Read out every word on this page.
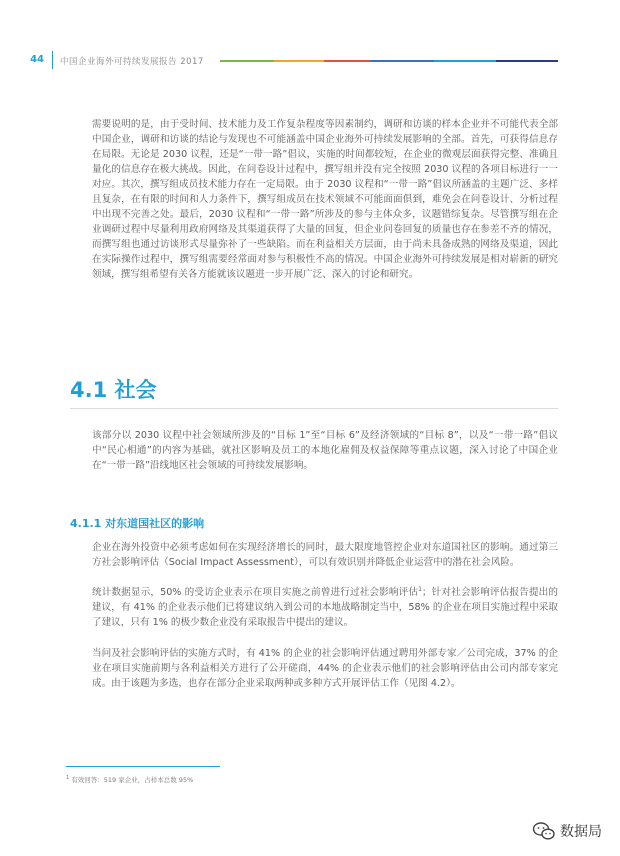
44 中国企业海外可持续发展报告 2017

需要说明的是，由于受时间、技术能力及工作复杂程度等因素制约，调研和访谈的样本企业并不可能代表全部中国企业，调研和访谈的结论与发现也不可能涵盖中国企业海外可持续发展影响的全部。首先，可获得信息存在局限。无论是 2030 议程，还是“一带一路”倡议，实施的时间都较短，在企业的微观层面获得完整、准确且量化的信息存在极大挑战。因此，在问卷设计过程中，撰写组并没有完全按照 2030 议程的各项目标进行一一对应。其次，撰写组成员技术能力存在一定局限。由于 2030 议程和“一带一路”倡议所涵盖的主题广泛、多样且复杂，在有限的时间和人力条件下，撰写组成员在技术领域不可能面面俱到，难免会在问卷设计、分析过程中出现不完善之处。最后，2030 议程和“一带一路”所涉及的参与主体众多，议题错综复杂。尽管撰写组在企业调研过程中尽量利用政府网络及其渠道获得了大量的回复，但企业问卷回复的质量也存在参差不齐的情况，而撰写组也通过访谈形式尽量弥补了一些缺陷。而在利益相关方层面，由于尚未具备成熟的网络及渠道，因此在实际操作过程中，撰写组需要经常面对参与积极性不高的情况。中国企业海外可持续发展是相对崭新的研究领域，撰写组希望有关各方能就该议题进一步开展广泛、深入的讨论和研究。

4.1 社会

该部分以 2030 议程中社会领域所涉及的“目标 1”至“目标 6”及经济领域的“目标 8”，以及“一带一路”倡议中“民心相通”的内容为基础，就社区影响及员工的本地化雇佣及权益保障等重点议题，深入讨论了中国企业在“一带一路”沿线地区社会领域的可持续发展影响。

4.1.1 对东道国社区的影响

企业在海外投资中必须考虑如何在实现经济增长的同时，最大限度地管控企业对东道国社区的影响。通过第三方社会影响评估（Social Impact Assessment），可以有效识别并降低企业运营中的潜在社会风险。

统计数据显示，50% 的受访企业表示在项目实施之前曾进行过社会影响评估$^1$；针对社会影响评估报告提出的建议，有 41% 的企业表示他们已将建议纳入到公司的本地战略制定当中，58% 的企业在项目实施过程中采取了建议，只有 1% 的极少数企业没有采取报告中提出的建议。

当问及社会影响评估的实施方式时，有 41% 的企业的社会影响评估通过聘用外部专家／公司完成，37% 的企业在项目实施前期与各利益相关方进行了公开磋商，44% 的企业表示他们的社会影响评估由公司内部专家完成。由于该题为多选，也存在部分企业采取两种或多种方式开展评估工作（见图 4.2）。

$^1$ 有效回答：519 家企业，占样本总数 95%
数据局
